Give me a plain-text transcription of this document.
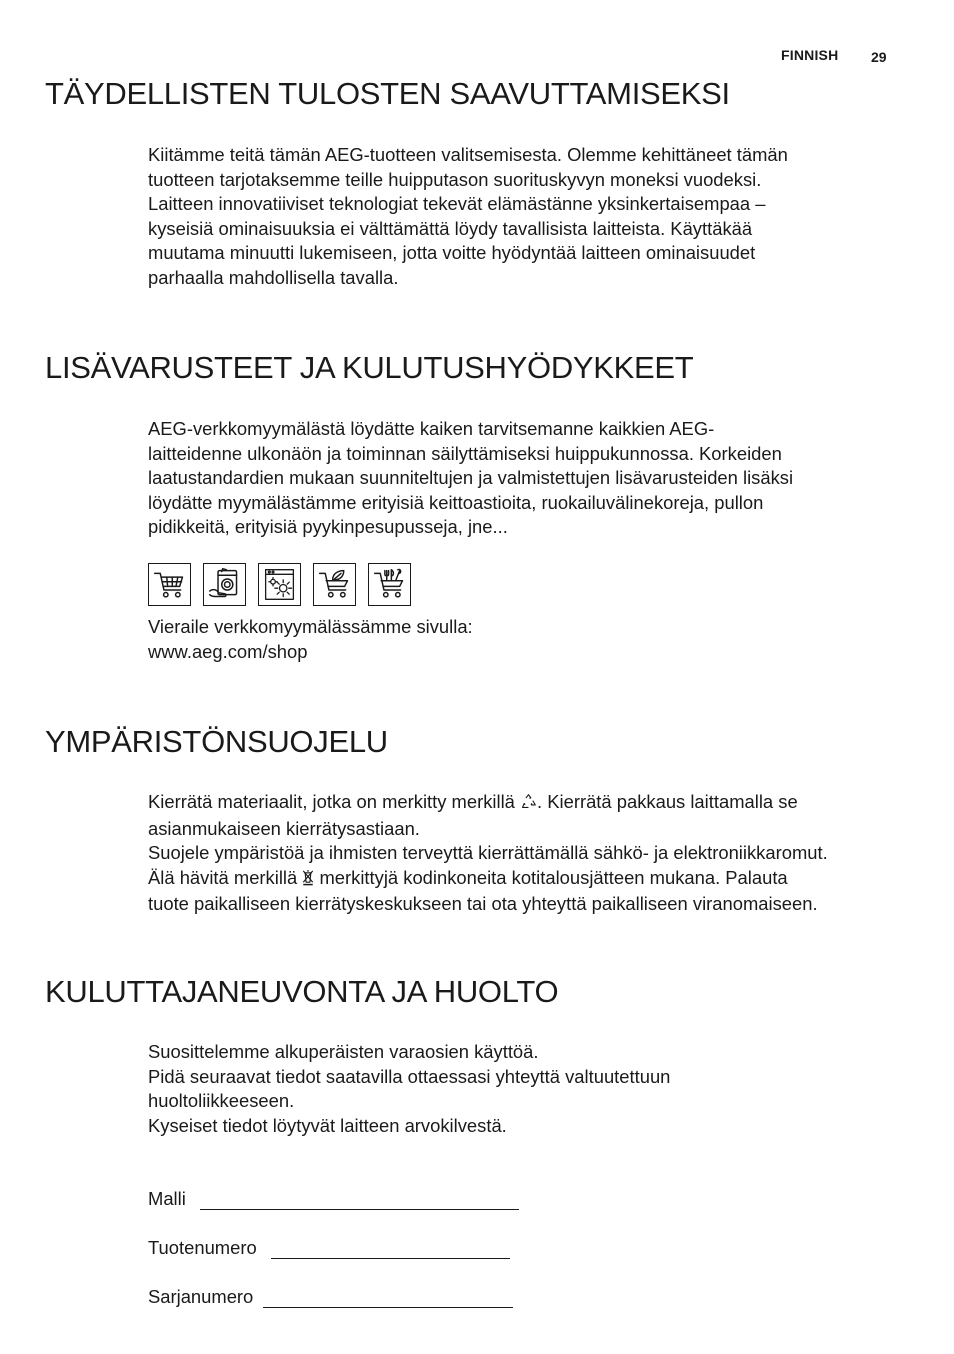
FINNISH 29
TÄYDELLISTEN TULOSTEN SAAVUTTAMISEKSI
Kiitämme teitä tämän AEG-tuotteen valitsemisesta. Olemme kehittäneet tämän
tuotteen tarjotaksemme teille huipputason suorituskyvyn moneksi vuodeksi.
Laitteen innovatiiviset teknologiat tekevät elämästänne yksinkertaisempaa –
kyseisiä ominaisuuksia ei välttämättä löydy tavallisista laitteista. Käyttäkää
muutama minuutti lukemiseen, jotta voitte hyödyntää laitteen ominaisuudet
parhaalla mahdollisella tavalla.
LISÄVARUSTEET JA KULUTUSHYÖDYKKEET
AEG-verkkomyymälästä löydätte kaiken tarvitsemanne kaikkien AEG-
laitteidenne ulkonäön ja toiminnan säilyttämiseksi huippukunnossa. Korkeiden
laatustandardien mukaan suunniteltujen ja valmistettujen lisävarusteiden lisäksi
löydätte myymälästämme erityisiä keittoastioita, ruokailuvälinekoreja, pullon
pidikkeitä, erityisiä pyykinpesupusseja, jne...
Vieraile verkkomyymälässämme sivulla:
www.aeg.com/shop
YMPÄRISTÖNSUOJELU
Kierrätä materiaalit, jotka on merkitty merkillä . Kierrätä pakkaus laittamalla se
asianmukaiseen kierrätysastiaan.
Suojele ympäristöä ja ihmisten terveyttä kierrättämällä sähkö- ja elektroniikkaromut.
Älä hävitä merkillä  merkittyjä kodinkoneita kotitalousjätteen mukana. Palauta
tuote paikalliseen kierrätyskeskukseen tai ota yhteyttä paikalliseen viranomaiseen.
KULUTTAJANEUVONTA JA HUOLTO
Suosittelemme alkuperäisten varaosien käyttöä.
Pidä seuraavat tiedot saatavilla ottaessasi yhteyttä valtuutettuun
huoltoliikkeeseen.
Kyseiset tiedot löytyvät laitteen arvokilvestä.
Malli
Tuotenumero
Sarjanumero
